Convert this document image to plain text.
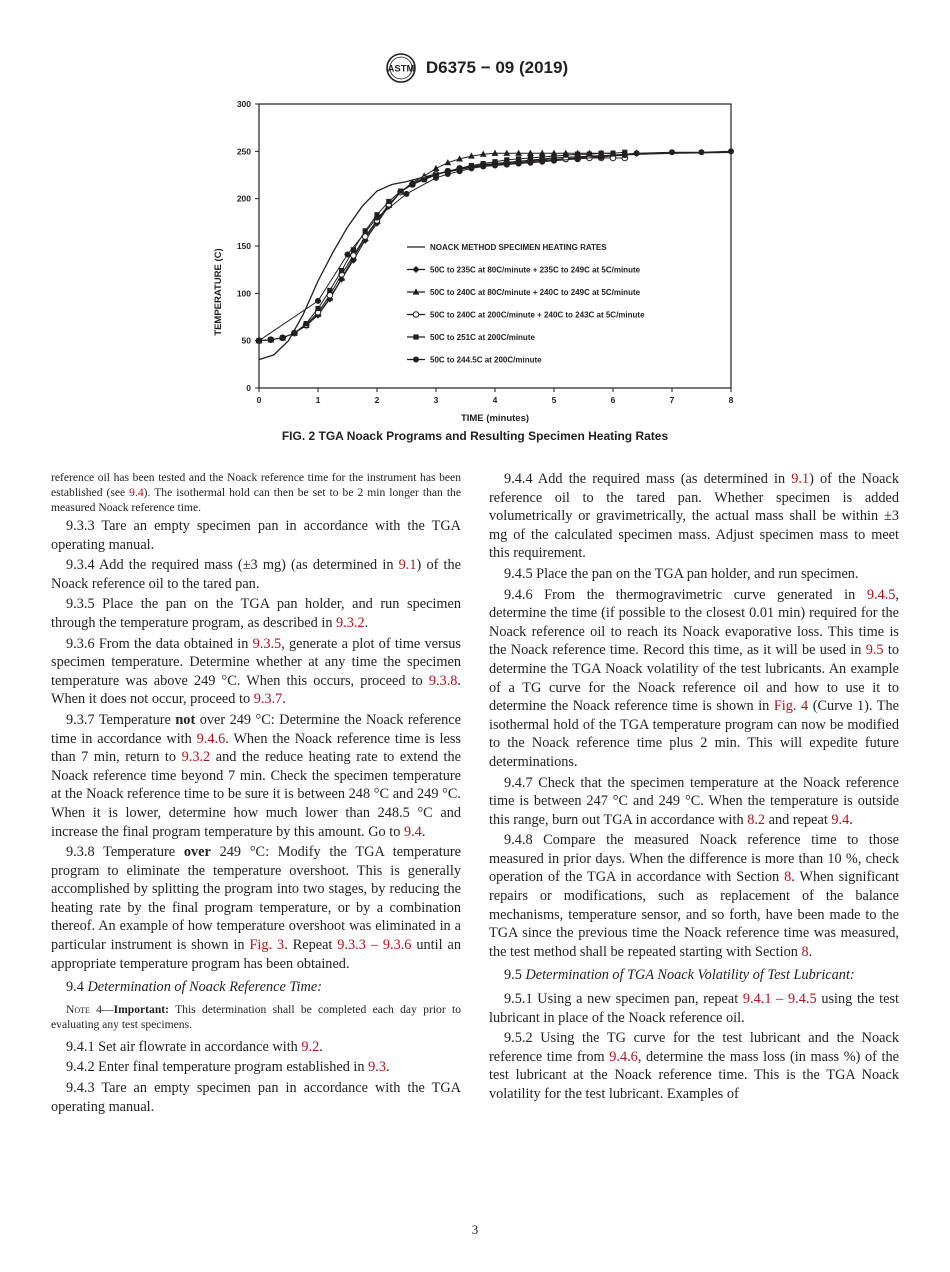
ASTM D6375 − 09 (2019)
0	1	2	3	4	5	6	7	8
0
50
100
150
200
250
300
NOACK METHOD SPECIMEN HEATING RATES
50C to 235C at 80C/minute + 235C to 249C at 5C/minute
50C to 240C at 80C/minute + 240C to 249C at 5C/minute
50C to 240C at 200C/minute + 240C to 243C at 5C/minute
50C to 251C at 200C/minute
50C to 244.5C at 200C/minute
TIME (minutes)
TEMPERATURE (C)
FIG. 2 TGA Noack Programs and Resulting Specimen Heating Rates

reference oil has been tested and the Noack reference time for the instrument has been established (see 9.4). The isothermal hold can then be set to be 2 min longer than the measured Noack reference time.

9.3.3 Tare an empty specimen pan in accordance with the TGA operating manual.

9.3.4 Add the required mass (±3 mg) (as determined in 9.1) of the Noack reference oil to the tared pan.

9.3.5 Place the pan on the TGA pan holder, and run specimen through the temperature program, as described in 9.3.2.

9.3.6 From the data obtained in 9.3.5, generate a plot of time versus specimen temperature. Determine whether at any time the specimen temperature was above 249 °C. When this occurs, proceed to 9.3.8. When it does not occur, proceed to 9.3.7.

9.3.7 Temperature not over 249 °C: Determine the Noack reference time in accordance with 9.4.6. When the Noack reference time is less than 7 min, return to 9.3.2 and the reduce heating rate to extend the Noack reference time beyond 7 min. Check the specimen temperature at the Noack reference time to be sure it is between 248 °C and 249 °C. When it is lower, determine how much lower than 248.5 °C and increase the final program temperature by this amount. Go to 9.4.

9.3.8 Temperature over 249 °C: Modify the TGA temperature program to eliminate the temperature overshoot. This is generally accomplished by splitting the program into two stages, by reducing the heating rate by the final program temperature, or by a combination thereof. An example of how temperature overshoot was eliminated in a particular instrument is shown in Fig. 3. Repeat 9.3.3 – 9.3.6 until an appropriate temperature program has been obtained.

9.4 Determination of Noack Reference Time:

Note 4—Important: This determination shall be completed each day prior to evaluating any test specimens.

9.4.1 Set air flowrate in accordance with 9.2.

9.4.2 Enter final temperature program established in 9.3.

9.4.3 Tare an empty specimen pan in accordance with the TGA operating manual.

9.4.4 Add the required mass (as determined in 9.1) of the Noack reference oil to the tared pan. Whether specimen is added volumetrically or gravimetrically, the actual mass shall be within ±3 mg of the calculated specimen mass. Adjust specimen mass to meet this requirement.

9.4.5 Place the pan on the TGA pan holder, and run specimen.

9.4.6 From the thermogravimetric curve generated in 9.4.5, determine the time (if possible to the closest 0.01 min) required for the Noack reference oil to reach its Noack evaporative loss. This time is the Noack reference time. Record this time, as it will be used in 9.5 to determine the TGA Noack volatility of the test lubricants. An example of a TG curve for the Noack reference oil and how to use it to determine the Noack reference time is shown in Fig. 4 (Curve 1). The isothermal hold of the TGA temperature program can now be modified to the Noack reference time plus 2 min. This will expedite future determinations.

9.4.7 Check that the specimen temperature at the Noack reference time is between 247 °C and 249 °C. When the temperature is outside this range, burn out TGA in accordance with 8.2 and repeat 9.4.

9.4.8 Compare the measured Noack reference time to those measured in prior days. When the difference is more than 10 %, check operation of the TGA in accordance with Section 8. When significant repairs or modifications, such as replacement of the balance mechanisms, temperature sensor, and so forth, have been made to the TGA since the previous time the Noack reference time was measured, the test method shall be repeated starting with Section 8.

9.5 Determination of TGA Noack Volatility of Test Lubricant:

9.5.1 Using a new specimen pan, repeat 9.4.1 – 9.4.5 using the test lubricant in place of the Noack reference oil.

9.5.2 Using the TG curve for the test lubricant and the Noack reference time from 9.4.6, determine the mass loss (in mass %) of the test lubricant at the Noack reference time. This is the TGA Noack volatility for the test lubricant. Examples of

3
